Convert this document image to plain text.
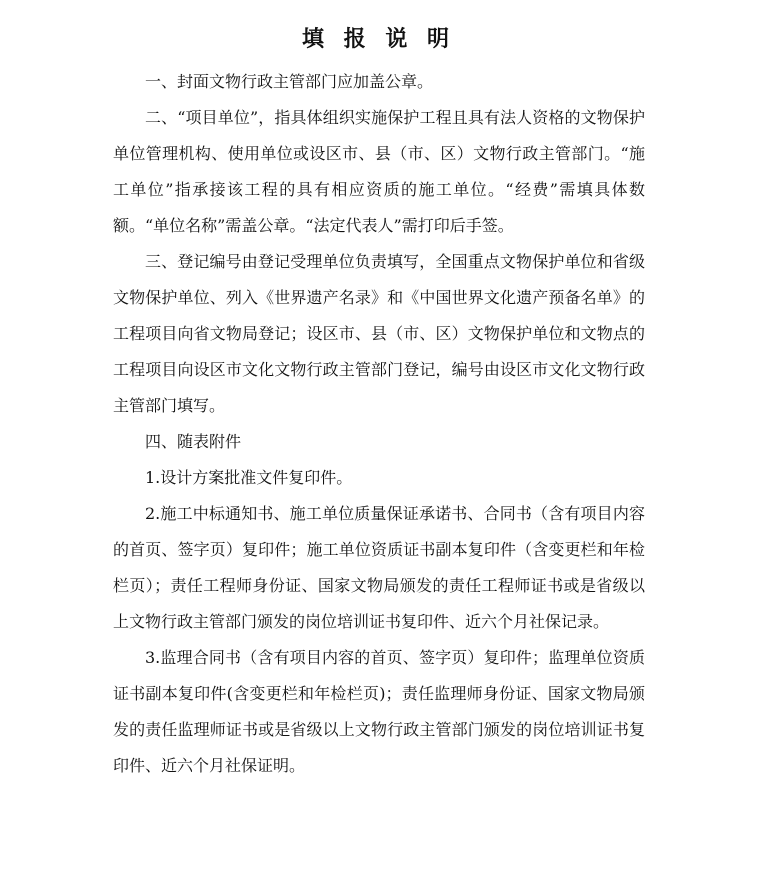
填 报 说 明

一、封面文物行政主管部门应加盖公章。

二、“项目单位”，指具体组织实施保护工程且具有法人资格的文物保护单位管理机构、使用单位或设区市、县（市、区）文物行政主管部门。“施工单位”指承接该工程的具有相应资质的施工单位。“经费”需填具体数额。“单位名称”需盖公章。“法定代表人”需打印后手签。

三、登记编号由登记受理单位负责填写，全国重点文物保护单位和省级文物保护单位、列入《世界遗产名录》和《中国世界文化遗产预备名单》的工程项目向省文物局登记；设区市、县（市、区）文物保护单位和文物点的工程项目向设区市文化文物行政主管部门登记，编号由设区市文化文物行政主管部门填写。

四、随表附件

1.设计方案批准文件复印件。

2.施工中标通知书、施工单位质量保证承诺书、合同书（含有项目内容的首页、签字页）复印件；施工单位资质证书副本复印件（含变更栏和年检栏页）；责任工程师身份证、国家文物局颁发的责任工程师证书或是省级以上文物行政主管部门颁发的岗位培训证书复印件、近六个月社保记录。

3.监理合同书（含有项目内容的首页、签字页）复印件；监理单位资质证书副本复印件(含变更栏和年检栏页)；责任监理师身份证、国家文物局颁发的责任监理师证书或是省级以上文物行政主管部门颁发的岗位培训证书复印件、近六个月社保证明。
